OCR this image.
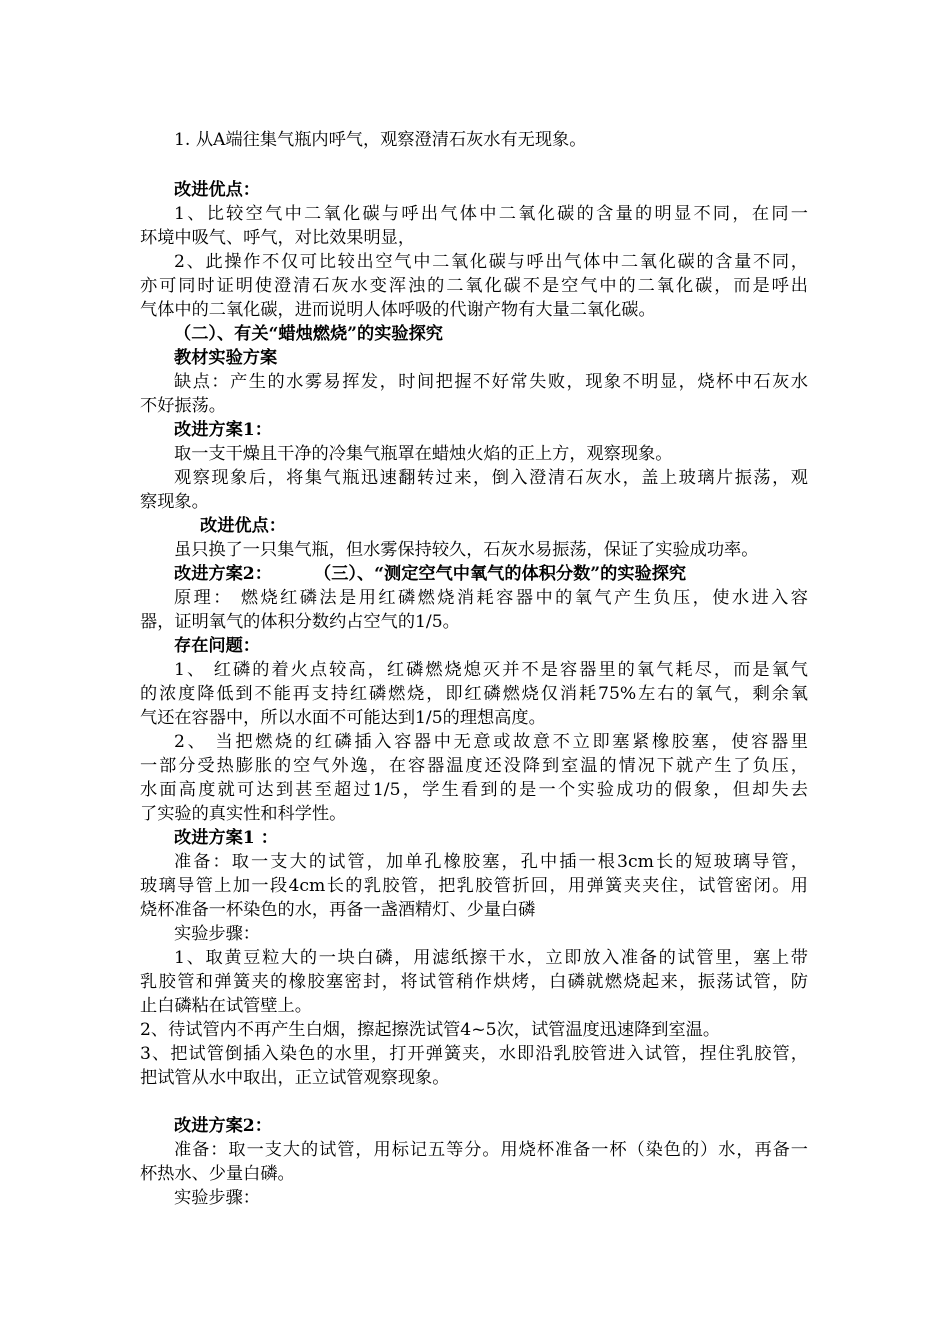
1. 从A端往集气瓶内呼气，观察澄清石灰水有无现象。
改进优点：
1、比较空气中二氧化碳与呼出气体中二氧化碳的含量的明显不同，在同一
环境中吸气、呼气，对比效果明显，
2、此操作不仅可比较出空气中二氧化碳与呼出气体中二氧化碳的含量不同，
亦可同时证明使澄清石灰水变浑浊的二氧化碳不是空气中的二氧化碳，而是呼出
气体中的二氧化碳，进而说明人体呼吸的代谢产物有大量二氧化碳。
（二）、有关“蜡烛燃烧”的实验探究
教材实验方案
缺点：产生的水雾易挥发，时间把握不好常失败，现象不明显，烧杯中石灰水
不好振荡。
改进方案1：
取一支干燥且干净的冷集气瓶罩在蜡烛火焰的正上方，观察现象。
观察现象后，将集气瓶迅速翻转过来，倒入澄清石灰水，盖上玻璃片振荡，观
察现象。
改进优点：
虽只换了一只集气瓶，但水雾保持较久，石灰水易振荡，保证了实验成功率。
改进方案2： （三）、“测定空气中氧气的体积分数”的实验探究
原理： 燃烧红磷法是用红磷燃烧消耗容器中的氧气产生负压，使水进入容
器，证明氧气的体积分数约占空气的1/5。
存在问题：
1、 红磷的着火点较高，红磷燃烧熄灭并不是容器里的氧气耗尽，而是氧气
的浓度降低到不能再支持红磷燃烧，即红磷燃烧仅消耗75%左右的氧气，剩余氧
气还在容器中，所以水面不可能达到1/5的理想高度。
2、 当把燃烧的红磷插入容器中无意或故意不立即塞紧橡胶塞，使容器里
一部分受热膨胀的空气外逸，在容器温度还没降到室温的情况下就产生了负压，
水面高度就可达到甚至超过1/5，学生看到的是一个实验成功的假象，但却失去
了实验的真实性和科学性。
改进方案1 ：
准备：取一支大的试管，加单孔橡胶塞，孔中插一根3cm长的短玻璃导管，
玻璃导管上加一段4cm长的乳胶管，把乳胶管折回，用弹簧夹夹住，试管密闭。用
烧杯准备一杯染色的水，再备一盏酒精灯、少量白磷
实验步骤：
1、取黄豆粒大的一块白磷，用滤纸擦干水，立即放入准备的试管里，塞上带
乳胶管和弹簧夹的橡胶塞密封，将试管稍作烘烤，白磷就燃烧起来，振荡试管，防
止白磷粘在试管壁上。
2、待试管内不再产生白烟，擦起擦洗试管4~5次，试管温度迅速降到室温。
3、把试管倒插入染色的水里，打开弹簧夹，水即沿乳胶管进入试管，捏住乳胶管，
把试管从水中取出，正立试管观察现象。
改进方案2：
准备：取一支大的试管，用标记五等分。用烧杯准备一杯（染色的）水，再备一
杯热水、少量白磷。
实验步骤：
